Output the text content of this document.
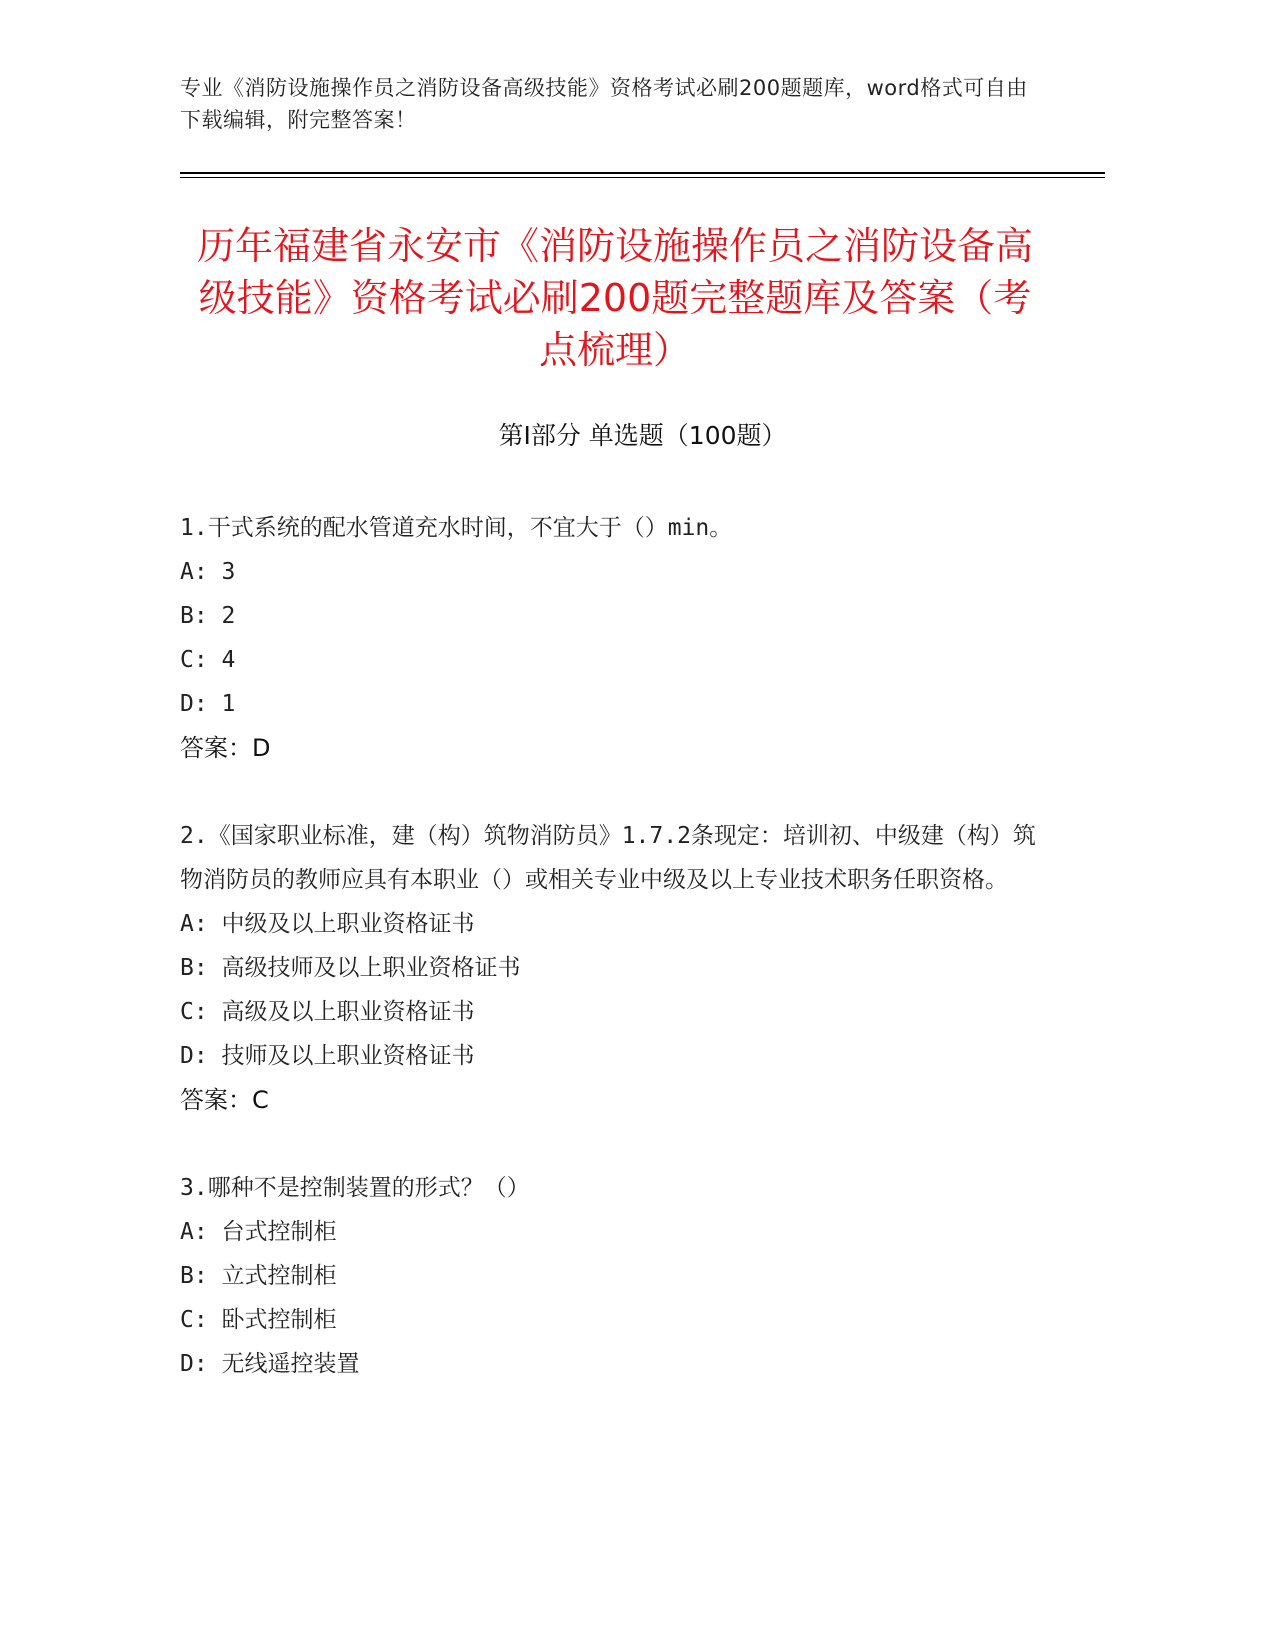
专业《消防设施操作员之消防设备高级技能》资格考试必刷200题题库，word格式可自由下载编辑，附完整答案！
历年福建省永安市《消防设施操作员之消防设备高级技能》资格考试必刷200题完整题库及答案（考点梳理）
第Ⅰ部分 单选题（100题）

1.干式系统的配水管道充水时间，不宜大于（）min。

A: 3

B: 2

C: 4

D: 1

答案：D

2.《国家职业标准，建（构）筑物消防员》1.7.2条现定：培训初、中级建（构）筑物消防员的教师应具有本职业（）或相关专业中级及以上专业技术职务任职资格。

A: 中级及以上职业资格证书

B: 高级技师及以上职业资格证书

C: 高级及以上职业资格证书

D: 技师及以上职业资格证书

答案：C

3.哪种不是控制装置的形式？（）

A: 台式控制柜

B: 立式控制柜

C: 卧式控制柜

D: 无线遥控装置
